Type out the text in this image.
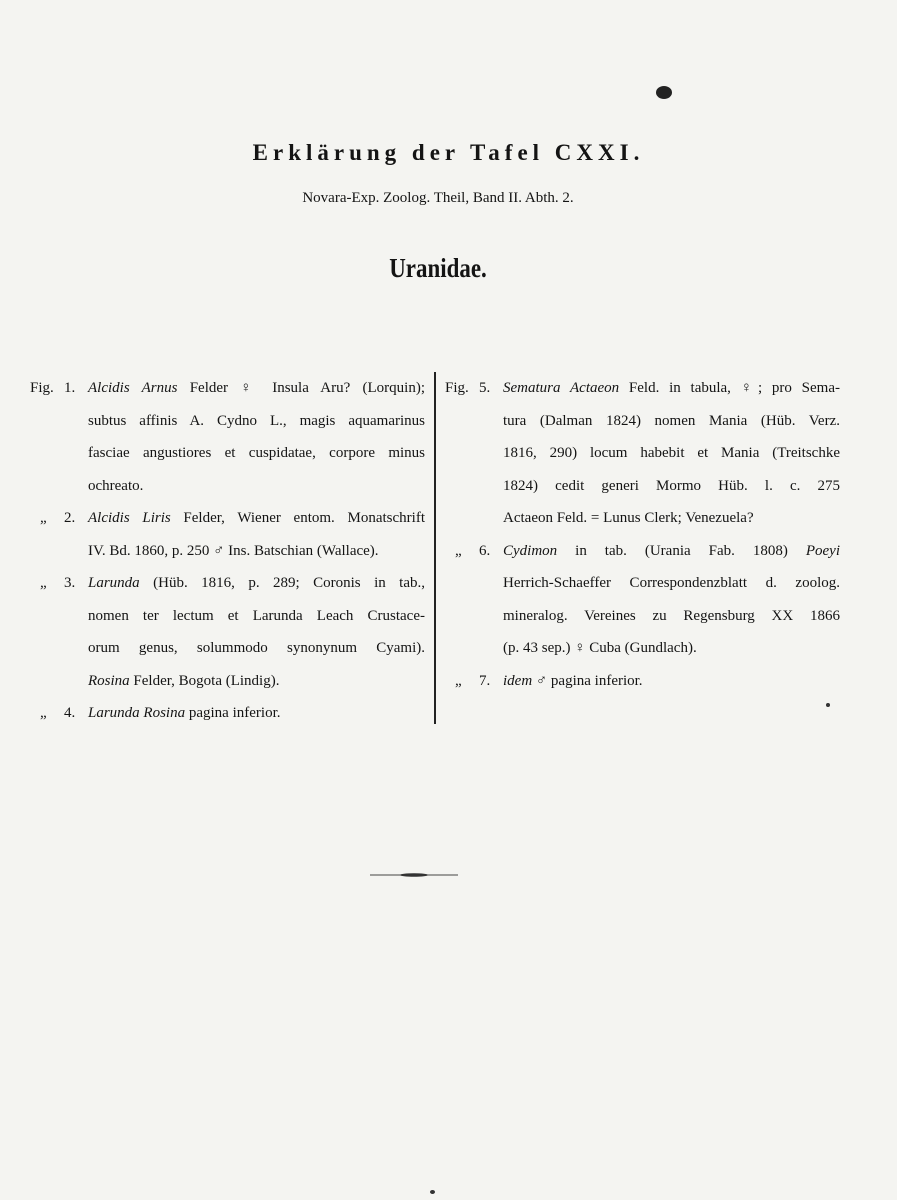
Erklärung der Tafel CXXI.
Novara-Exp. Zoolog. Theil, Band II. Abth. 2.
Uranidae.
Fig. 1. Alcidis Arnus Felder ♀ Insula Aru? (Lorquin);
subtus affinis A. Cydno L., magis aquamarinus
fasciae angustiores et cuspidatae, corpore minus
ochreato.
„	2. Alcidis Liris Felder, Wiener entom. Monatschrift
IV. Bd. 1860, p. 250 ♂ Ins. Batschian (Wallace).
„	3. Larunda (Hüb. 1816, p. 289; Coronis in tab.,
nomen ter lectum et Larunda Leach Crustace-
orum genus, solummodo synonynum Cyami).
Rosina Felder, Bogota (Lindig).
„	4. Larunda Rosina pagina inferior.
Fig. 5. Sematura Actaeon Feld. in tabula, ♀; pro Sema-
tura (Dalman 1824) nomen Mania (Hüb. Verz.
1816, 290) locum habebit et Mania (Treitschke
1824) cedit generi Mormo Hüb. l. c. 275
Actaeon Feld. = Lunus Clerk; Venezuela?
„	6. Cydimon in tab. (Urania Fab. 1808) Poeyi
Herrich-Schaeffer Correspondenzblatt d. zoolog.
mineralog. Vereines zu Regensburg XX 1866
(p. 43 sep.) ♀ Cuba (Gundlach).
„	7. idem ♂ pagina inferior.
